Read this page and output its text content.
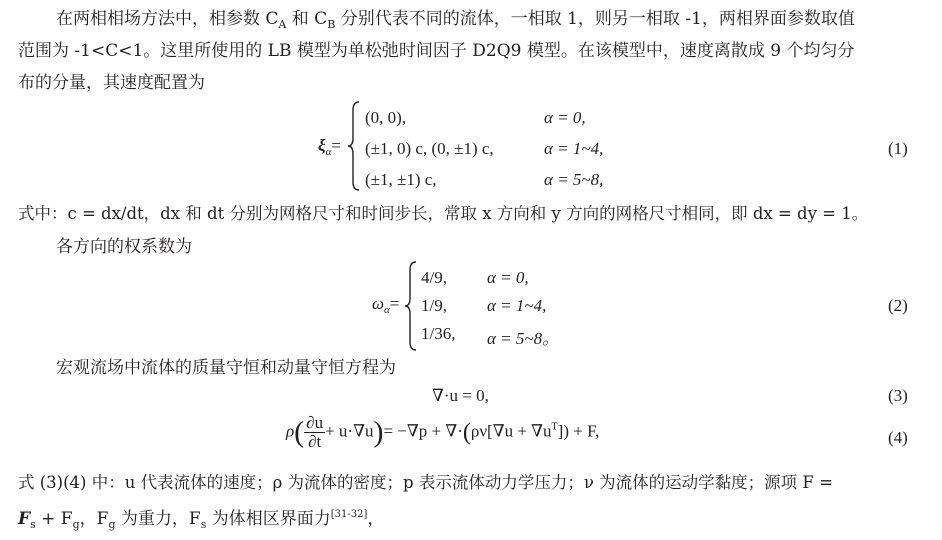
在两相相场方法中，相参数 $C_A$ 和 $C_B$ 分别代表不同的流体，一相取 1，则另一相取 -1，两相界面参数取值
范围为 -1<C<1。这里所使用的 LB 模型为单松弛时间因子 D2Q9 模型。在该模型中，速度离散成 9 个均匀分
布的分量，其速度配置为
$\xi_\alpha=$
(0, 0),	α = 0,
(±1, 0) c, (0, ±1) c,	α = 1~4,
(±1, ±1) c,	α = 5~8,
(1)
式中：c = dx/dt，dx 和 dt 分别为网格尺寸和时间步长，常取 x 方向和 y 方向的网格尺寸相同，即 dx = dy = 1。
各方向的权系数为
$\omega_\alpha=$
4/9, α = 0,
1/9, α = 1~4,
1/36, α = 5~8。
(2)
宏观流场中流体的质量守恒和动量守恒方程为
∇·u = 0,	(3)
$\rho( \frac{\partial u}{\partial t} + u\cdot\nabla u)= -\nabla p + \nabla\cdot(\rho\nu[\nabla u + \nabla u^T]) + F$,	(4)
式 (3)(4) 中：u 代表流体的速度；ρ 为流体的密度；p 表示流体动力学压力；ν 为流体的运动学黏度；源项 F =
$F_s + F_g$，$F_g$ 为重力，$F_s$ 为体相区界面力[31-32]，
